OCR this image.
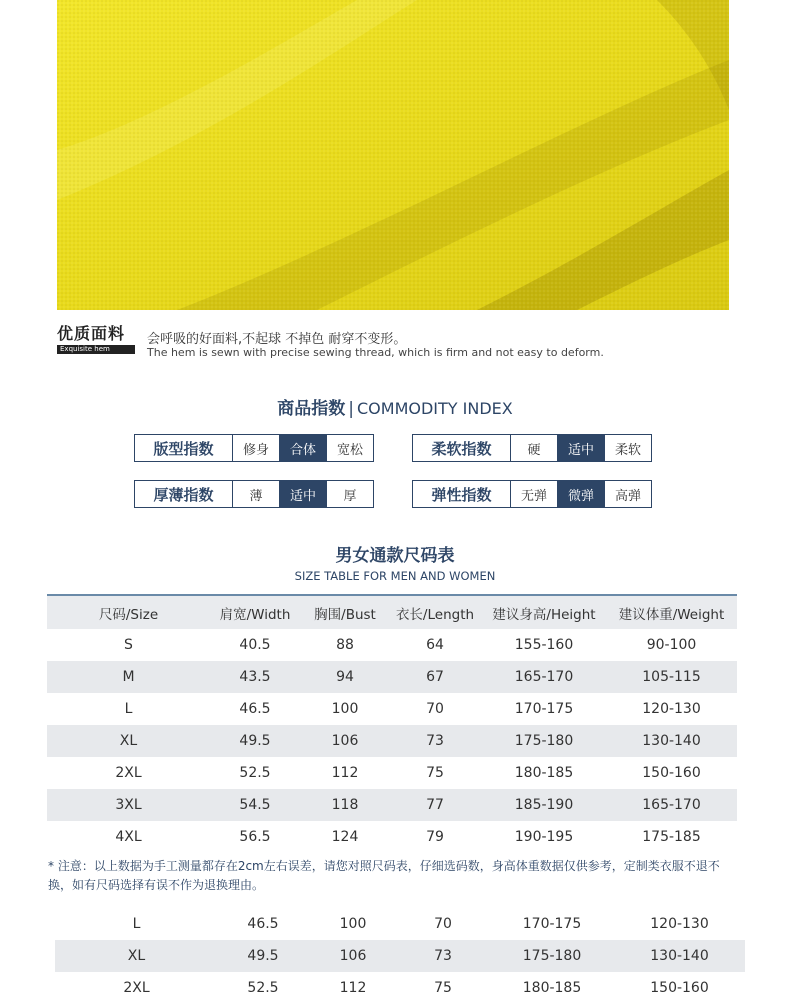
优质面料
Exquisite hem
会呼吸的好面料,不起球 不掉色 耐穿不变形。
The hem is sewn with precise sewing thread, which is firm and not easy to deform.
商品指数 | COMMODITY INDEX
版型指数	修身	合体	宽松	柔软指数	硬	适中	柔软
厚薄指数	薄	适中	厚	弹性指数	无弹	微弹	高弹
男女通款尺码表
SIZE TABLE FOR MEN AND WOMEN
尺码/Size	肩宽/Width	胸围/Bust	衣长/Length	建议身高/Height	建议体重/Weight
S	40.5	88	64	155-160	90-100
M	43.5	94	67	165-170	105-115
L	46.5	100	70	170-175	120-130
XL	49.5	106	73	175-180	130-140
2XL	52.5	112	75	180-185	150-160
3XL	54.5	118	77	185-190	165-170
4XL	56.5	124	79	190-195	175-185
* 注意：以上数据为手工测量都存在2cm左右误差，请您对照尺码表，仔细选码数，身高体重数据仅供参考，定制类衣服不退不换，如有尺码选择有误不作为退换理由。
L	46.5	100	70	170-175	120-130
XL	49.5	106	73	175-180	130-140
2XL	52.5	112	75	180-185	150-160
